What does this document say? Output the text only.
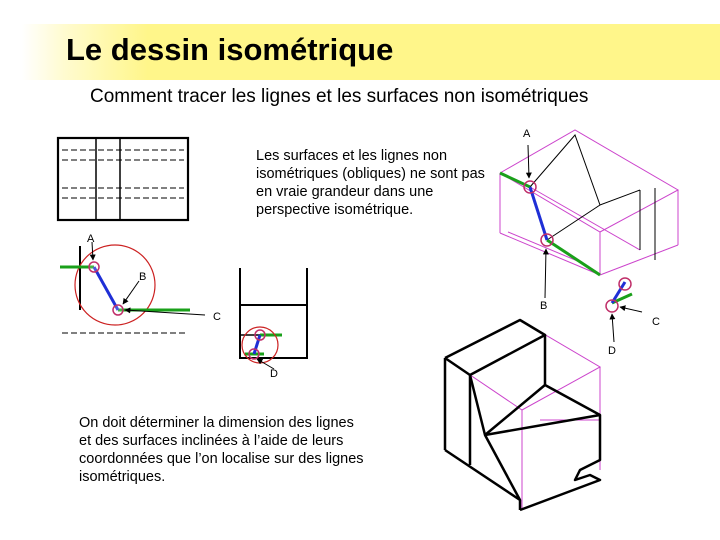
Le dessin isométrique
Comment tracer les lignes et les surfaces non isométriques
A
B
C
D
A
B
C
D
Les surfaces et les lignes non isométriques (obliques) ne sont pas en vraie grandeur dans une perspective isométrique.
On doit déterminer la dimension des lignes et des surfaces inclinées à l’aide de leurs coordonnées que l’on localise sur des lignes isométriques.
